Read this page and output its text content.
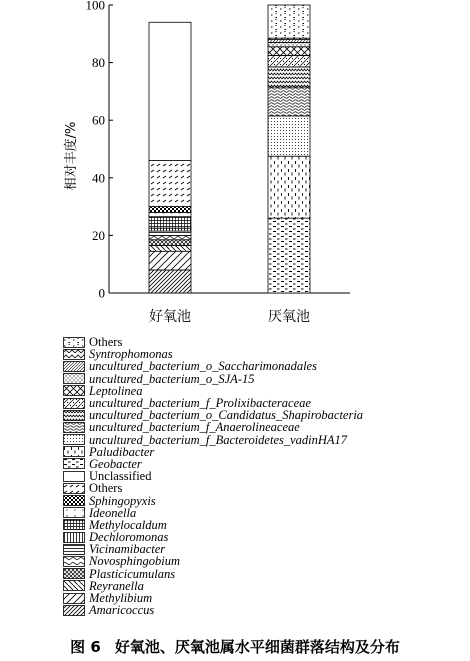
0
20
40
60
80
100
好氧池	厌氧池
相对丰度/%
Others
Syntrophomonas
uncultured_bacterium_o_Saccharimonadales
uncultured_bacterium_o_SJA-15
Leptolinea
uncultured_bacterium_f_Prolixibacteraceae
uncultured_bacterium_o_Candidatus_Shapirobacteria
uncultured_bacterium_f_Anaerolineaceae
uncultured_bacterium_f_Bacteroidetes_vadinHA17
Paludibacter
Geobacter
Unclassified
Others
Sphingopyxis
Ideonella
Methylocaldum
Dechloromonas
Vicinamibacter
Novosphingobium
Plasticicumulans
Reyranella
Methylibium
Amaricoccus
图 6 好氧池、厌氧池属水平细菌群落结构及分布
